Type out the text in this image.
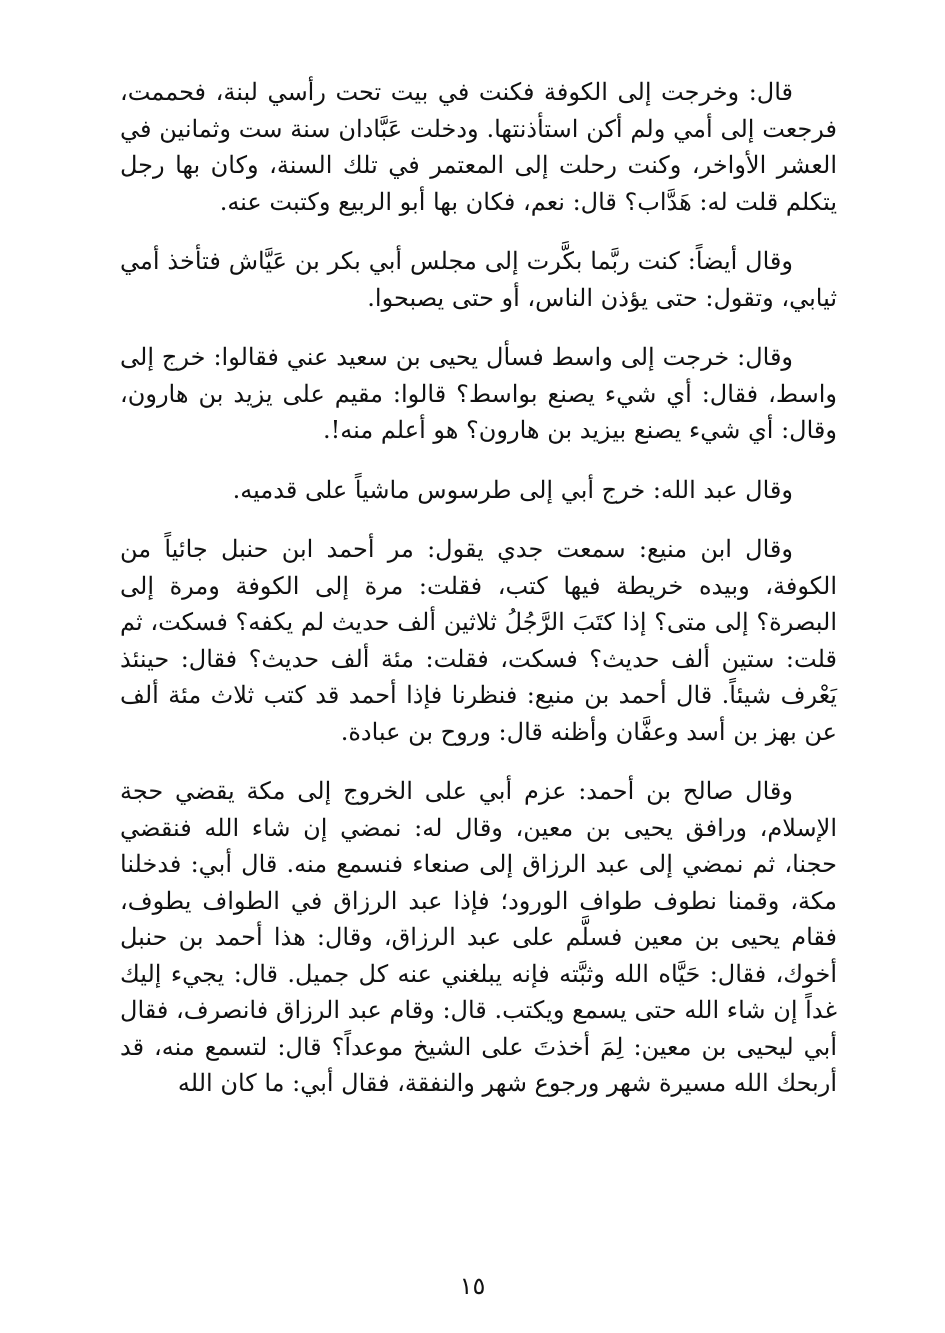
قال: وخرجت إلى الكوفة فكنت في بيت تحت رأسي لبنة، فحممت، فرجعت إلى أمي ولم أكن استأذنتها. ودخلت عَبَّادان سنة ست وثمانين في العشر الأواخر، وكنت رحلت إلى المعتمر في تلك السنة، وكان بها رجل يتكلم قلت له: هَدَّاب؟ قال: نعم، فكان بها أبو الربيع وكتبت عنه.

وقال أيضاً: كنت ربَّما بكَّرت إلى مجلس أبي بكر بن عَيَّاش فتأخذ أمي ثيابي، وتقول: حتى يؤذن الناس، أو حتى يصبحوا.

وقال: خرجت إلى واسط فسأل يحيى بن سعيد عني فقالوا: خرج إلى واسط، فقال: أي شيء يصنع بواسط؟ قالوا: مقيم على يزيد بن هارون، وقال: أي شيء يصنع بيزيد بن هارون؟ هو أعلم منه!.

وقال عبد الله: خرج أبي إلى طرسوس ماشياً على قدميه.

وقال ابن منيع: سمعت جدي يقول: مر أحمد ابن حنبل جائياً من الكوفة، وبيده خريطة فيها كتب، فقلت: مرة إلى الكوفة ومرة إلى البصرة؟ إلى متى؟ إذا كتَبَ الرَّجُلُ ثلاثين ألف حديث لم يكفه؟ فسكت، ثم قلت: ستين ألف حديث؟ فسكت، فقلت: مئة ألف حديث؟ فقال: حينئذ يَعْرف شيئاً. قال أحمد بن منيع: فنظرنا فإذا أحمد قد كتب ثلاث مئة ألف عن بهز بن أسد وعفَّان وأظنه قال: وروح بن عبادة.

وقال صالح بن أحمد: عزم أبي على الخروج إلى مكة يقضي حجة الإسلام، ورافق يحيى بن معين، وقال له: نمضي إن شاء الله فنقضي حجنا، ثم نمضي إلى عبد الرزاق إلى صنعاء فنسمع منه. قال أبي: فدخلنا مكة، وقمنا نطوف طواف الورود؛ فإذا عبد الرزاق في الطواف يطوف، فقام يحيى بن معين فسلَّم على عبد الرزاق، وقال: هذا أحمد بن حنبل أخوك، فقال: حَيَّاه الله وثبَّته فإنه يبلغني عنه كل جميل. قال: يجيء إليك غداً إن شاء الله حتى يسمع ويكتب. قال: وقام عبد الرزاق فانصرف، فقال أبي ليحيى بن معين: لِمَ أخذتَ على الشيخ موعداً؟ قال: لتسمع منه، قد أربحك الله مسيرة شهر ورجوع شهر والنفقة، فقال أبي: ما كان الله

١٥
